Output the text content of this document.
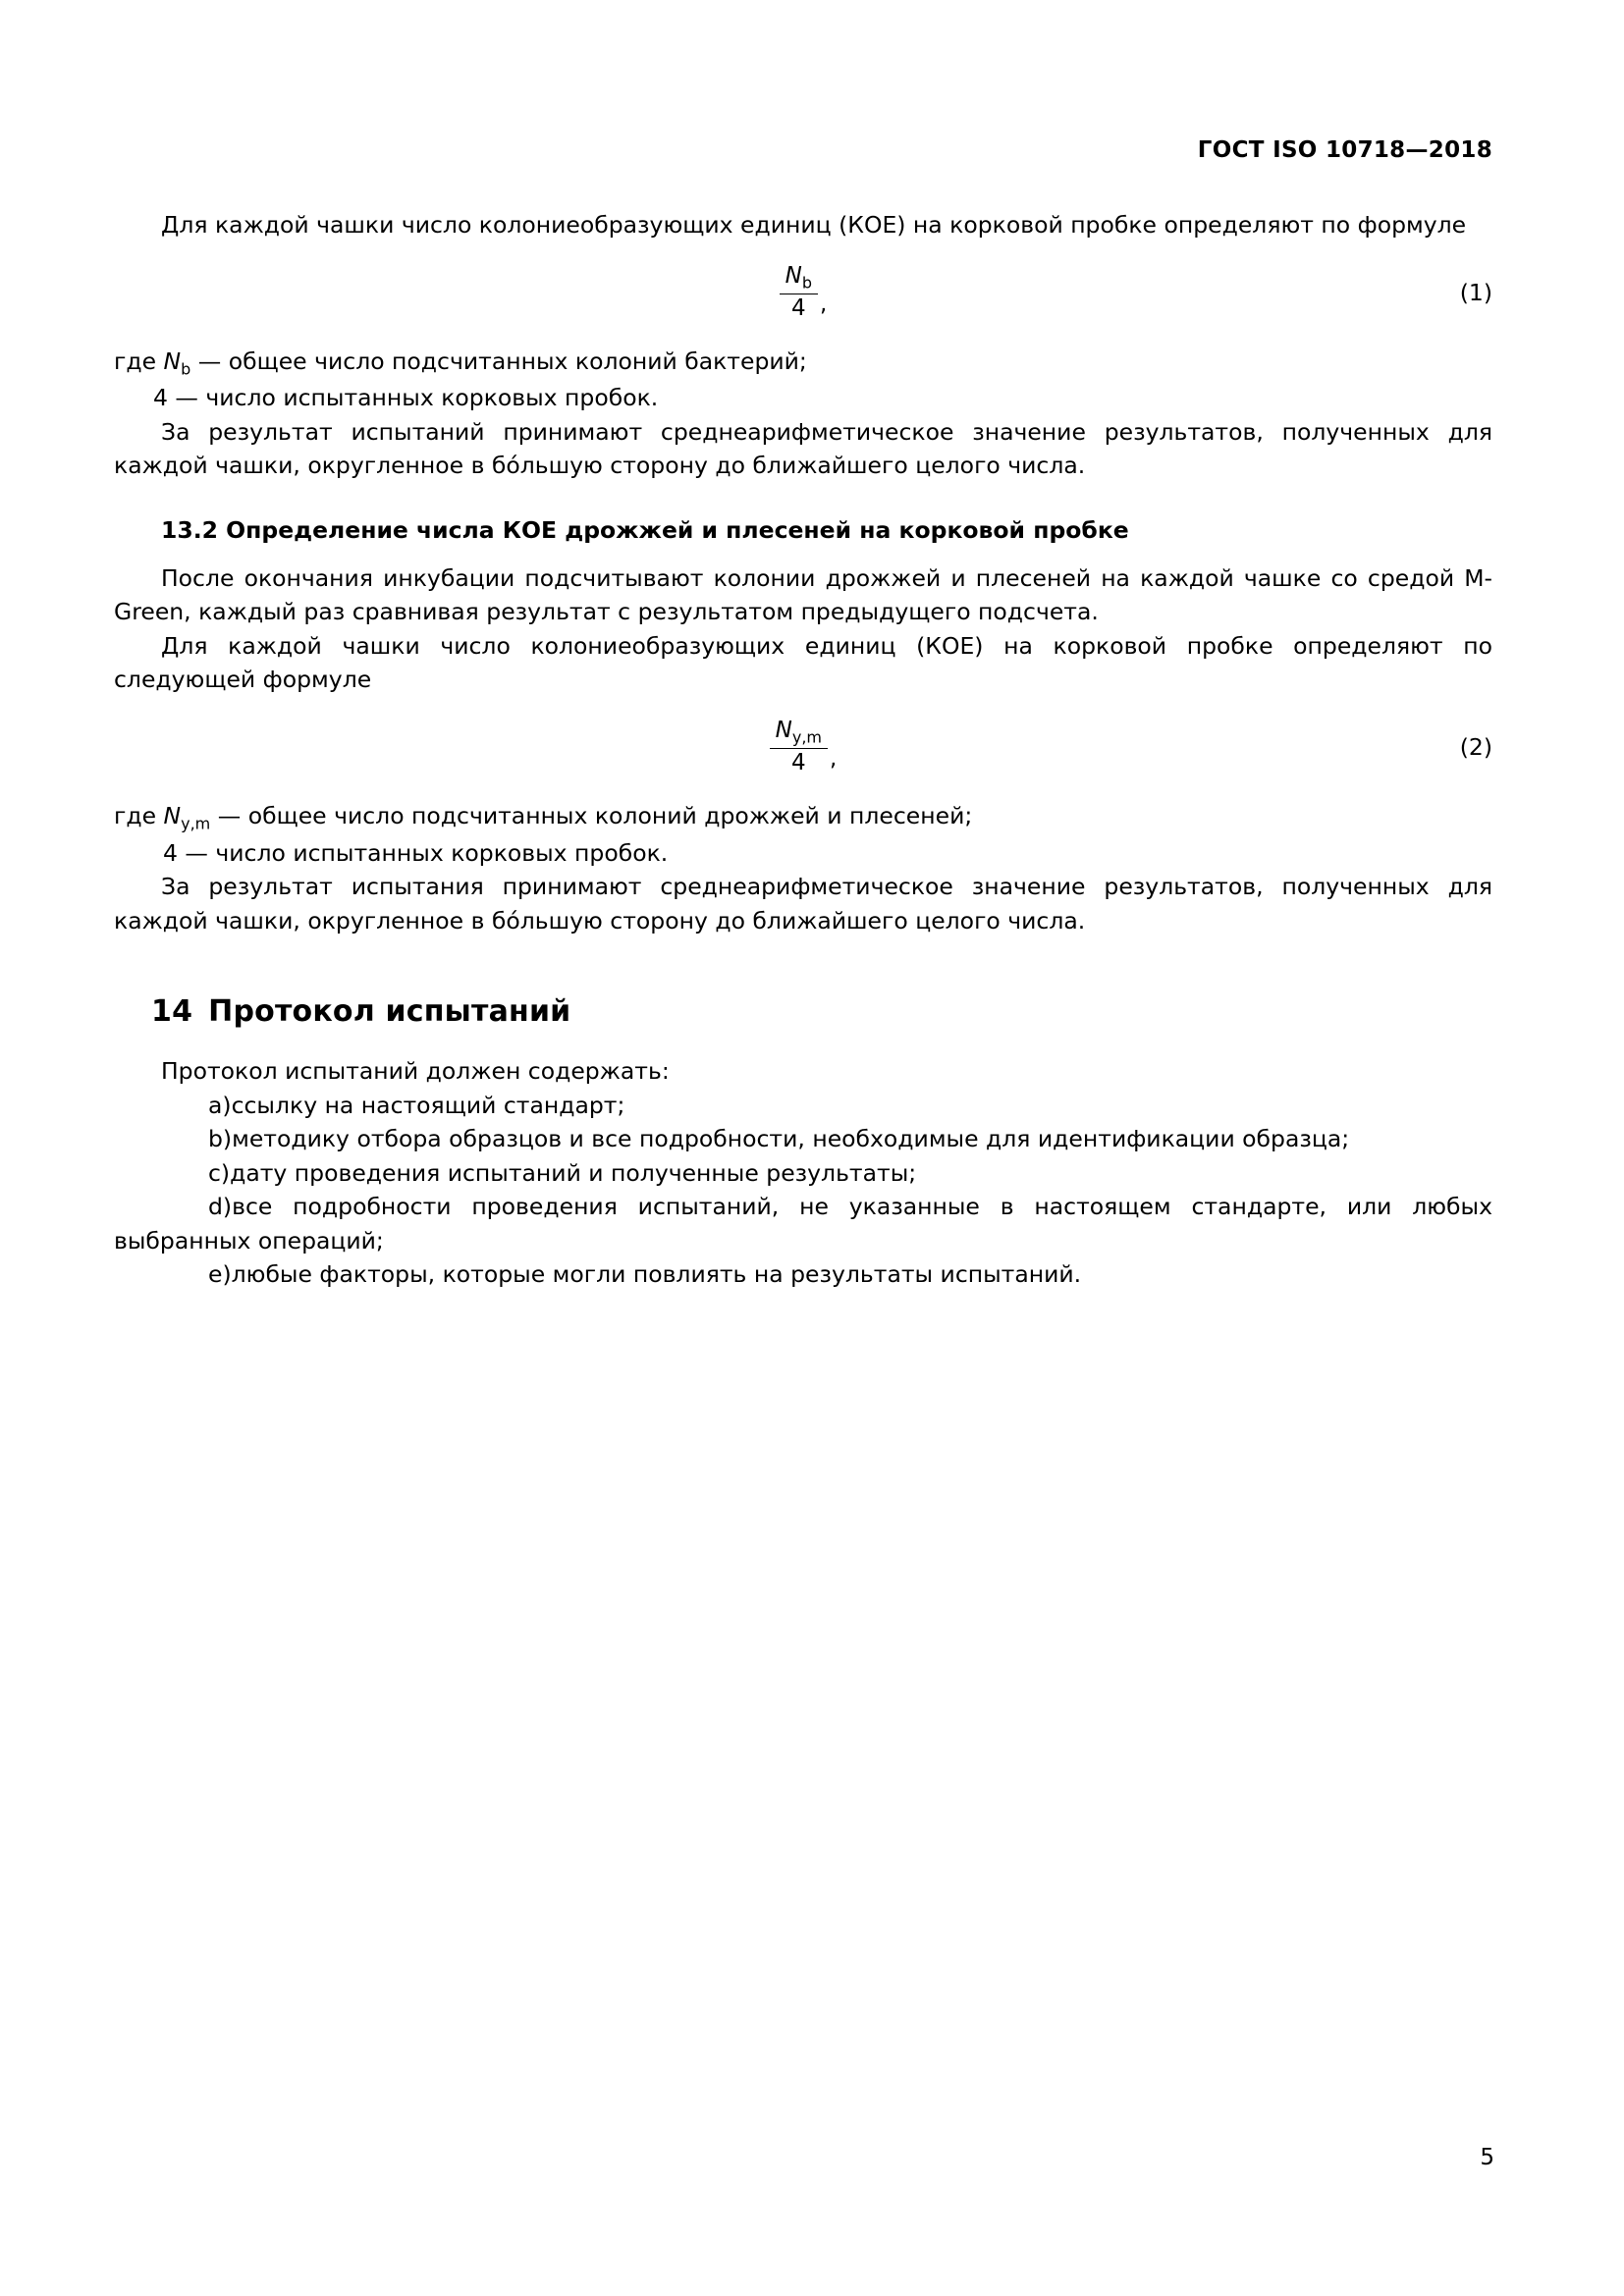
ГОСТ ISO 10718—2018

Для каждой чашки число колониеобразующих единиц (КОЕ) на корковой пробке определяют по формуле

$\frac{N_b}{4}$ ,	(1)
где $N_b$ — общее число подсчитанных колоний бактерий;
4 — число испытанных корковых пробок.

За результат испытаний принимают среднеарифметическое значение результатов, полученных для каждой чашки, округленное в бóльшую сторону до ближайшего целого числа.

13.2 Определение числа КОЕ дрожжей и плесеней на корковой пробке

После окончания инкубации подсчитывают колонии дрожжей и плесеней на каждой чашке со средой M-Green, каждый раз сравнивая результат с результатом предыдущего подсчета.

Для каждой чашки число колониеобразующих единиц (КОЕ) на корковой пробке определяют по следующей формуле

$\frac{N_{y,m}}{4}$ ,	(2)
где $N_{y,m}$ — общее число подсчитанных колоний дрожжей и плесеней;
4 — число испытанных корковых пробок.

За результат испытания принимают среднеарифметическое значение результатов, полученных для каждой чашки, округленное в бóльшую сторону до ближайшего целого числа.

14 Протокол испытаний

Протокол испытаний должен содержать:

a)ссылку на настоящий стандарт;
b)методику отбора образцов и все подробности, необходимые для идентификации образца;
c)дату проведения испытаний и полученные результаты;
d)все подробности проведения испытаний, не указанные в настоящем стандарте, или любых выбранных операций;
e)любые факторы, которые могли повлиять на результаты испытаний.
5
